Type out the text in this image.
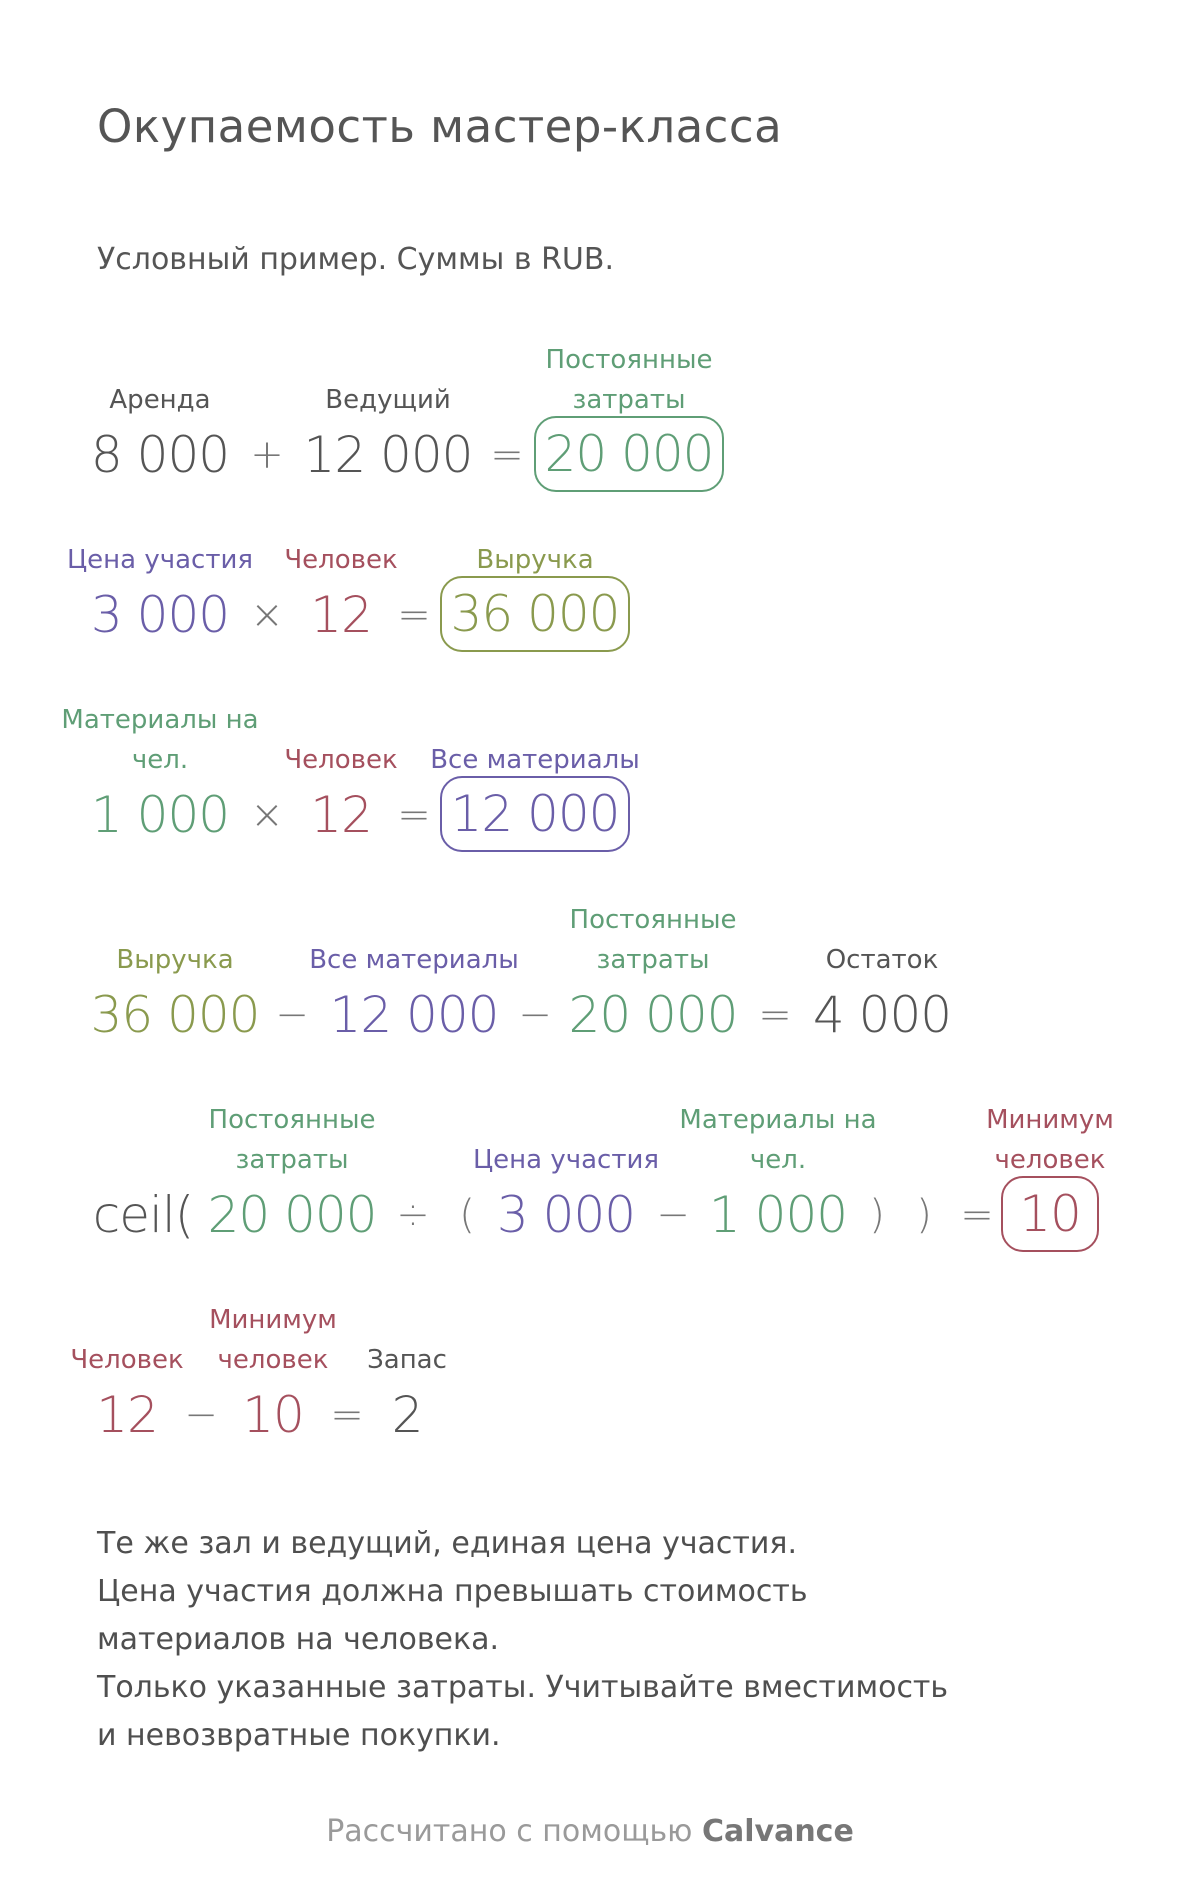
Окупаемость мастер-класса
Условный пример. Суммы в RUB.
Аренда
8 000 +
Ведущий
12 000 =
Постоянные
затраты
20 000
Цена участия
3 000 ×
Человек
12 =
Выручка
36 000
Материалы на
чел.
1 000 ×
Человек
12 =
Все материалы
12 000
Выручка
36 000 −
Все материалы
12 000 −
Постоянные
затраты
20 000 =
Остаток
4 000
ceil(
Постоянные
затраты
20 000 ÷ (
Цена участия
3 000 −
Материалы на
чел.
1 000 ) ) =
Минимум
человек
10
Человек
12 −
Минимум
человек
10 =
Запас
2
Те же зал и ведущий, единая цена участия.
Цена участия должна превышать стоимость
материалов на человека.
Только указанные затраты. Учитывайте вместимость
и невозвратные покупки.
Рассчитано с помощью Calvance
